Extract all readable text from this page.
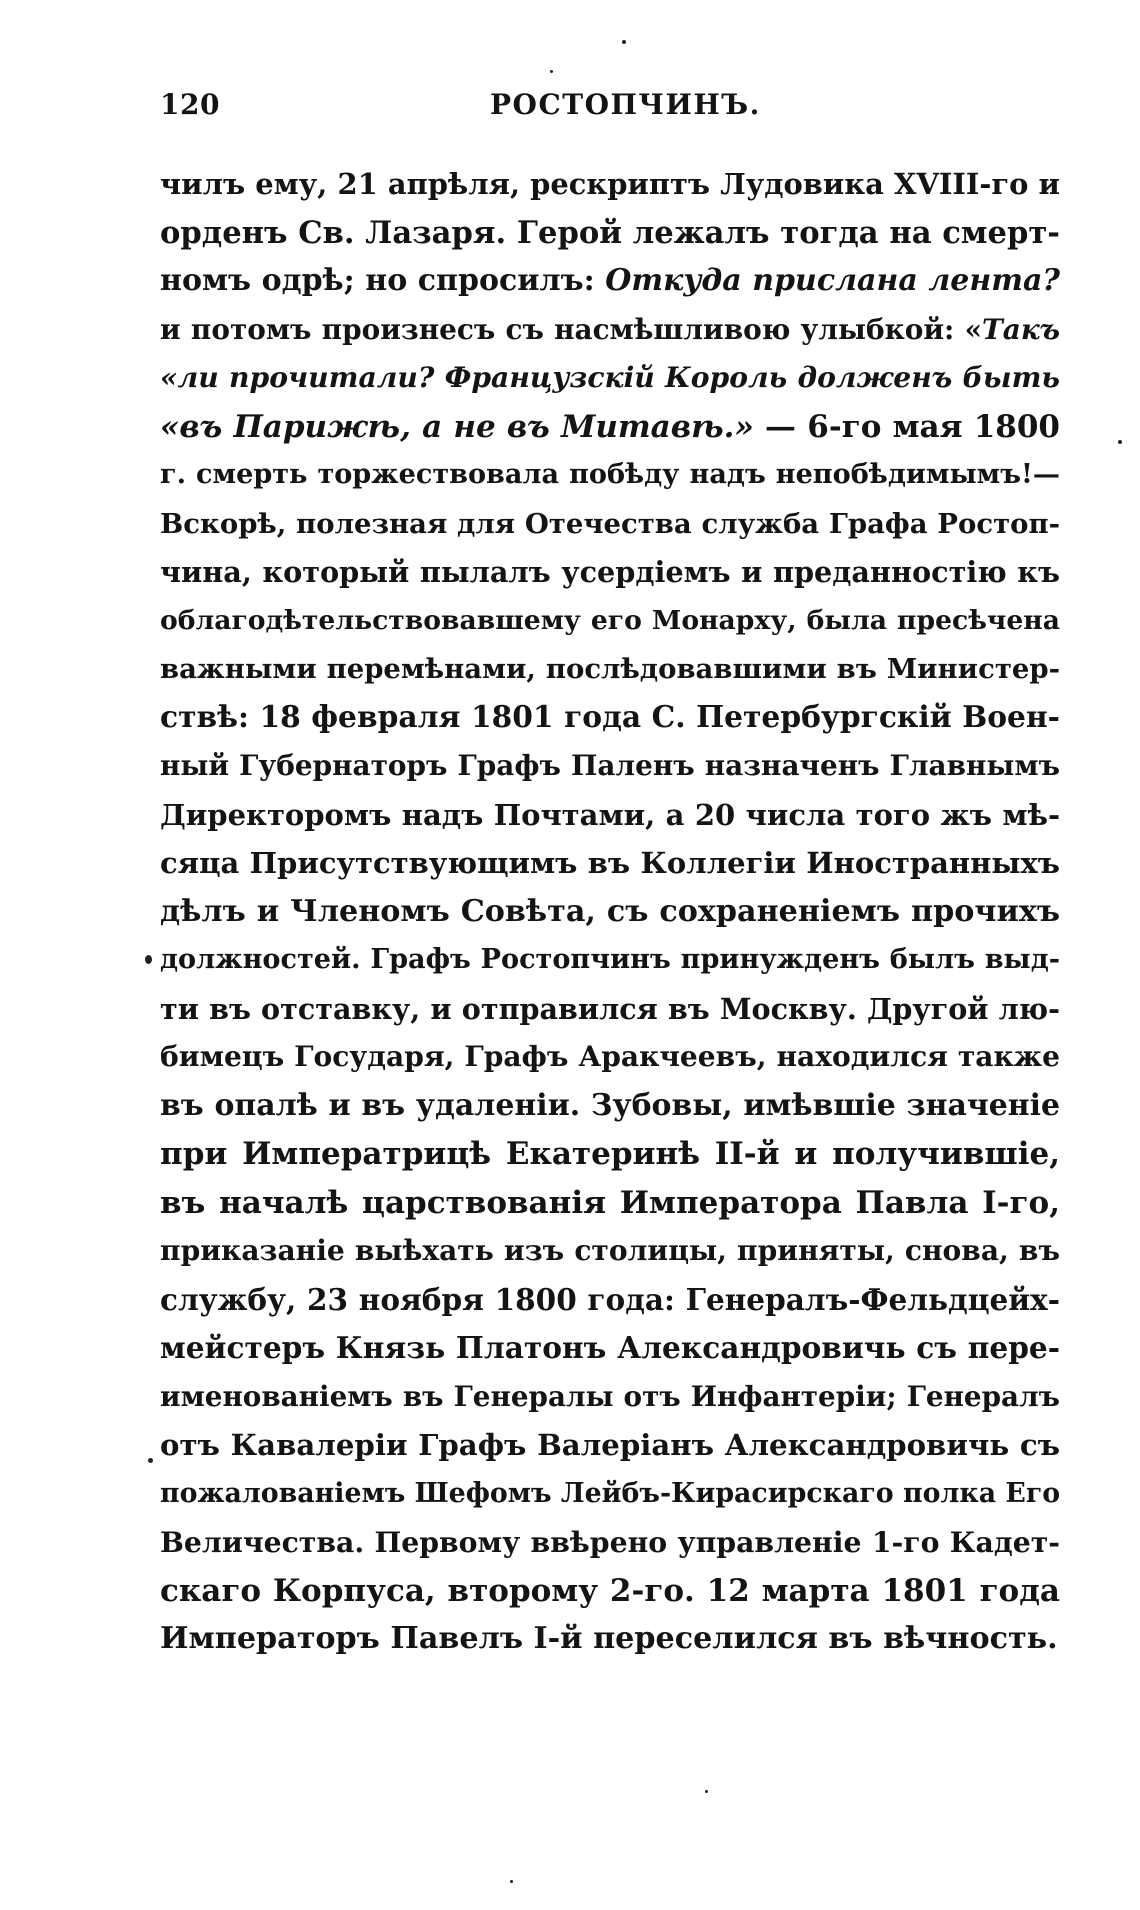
120	РОСТОПЧИНЪ.
чилъ ему, 21 апрѣля, рескриптъ Лудовика XVIII-го и
орденъ Св. Лазаря. Герой лежалъ тогда на смерт-
номъ одрѣ; но спросилъ: Откуда прислана лента?
и потомъ произнесъ съ насмѣшливою улыбкой: «Такъ
«ли прочитали? Французскій Король долженъ быть
«въ Парижѣ, а не въ Митавѣ.» — 6-го мая 1800
г. смерть торжествовала побѣду надъ непобѣдимымъ!—
Вскорѣ, полезная для Отечества служба Графа Ростоп-
чина, который пылалъ усердіемъ и преданностію къ
облагодѣтельствовавшему его Монарху, была пресѣчена
важными перемѣнами, послѣдовавшими въ Министер-
ствѣ: 18 февраля 1801 года С. Петербургскій Воен-
ный Губернаторъ Графъ Паленъ назначенъ Главнымъ
Директоромъ надъ Почтами, а 20 числа того жъ мѣ-
сяца Присутствующимъ въ Коллегіи Иностранныхъ
дѣлъ и Членомъ Совѣта, съ сохраненіемъ прочихъ
должностей. Графъ Ростопчинъ принужденъ былъ выд-
ти въ отставку, и отправился въ Москву. Другой лю-
бимецъ Государя, Графъ Аракчеевъ, находился также
въ опалѣ и въ удаленіи. Зубовы, имѣвшіе значеніе
при Императрицѣ Екатеринѣ II-й и получившіе,
въ началѣ царствованія Императора Павла I-го,
приказаніе выѣхать изъ столицы, приняты, снова, въ
службу, 23 ноября 1800 года: Генералъ-Фельдцейх-
мейстеръ Князь Платонъ Александровичь съ пере-
именованіемъ въ Генералы отъ Инфантеріи; Генералъ
отъ Кавалеріи Графъ Валеріанъ Александровичь съ
пожалованіемъ Шефомъ Лейбъ-Кирасирскаго полка Его
Величества. Первому ввѣрено управленіе 1-го Кадет-
скаго Корпуса, второму 2-го. 12 марта 1801 года
Императоръ Павелъ I-й переселился въ вѣчность.
